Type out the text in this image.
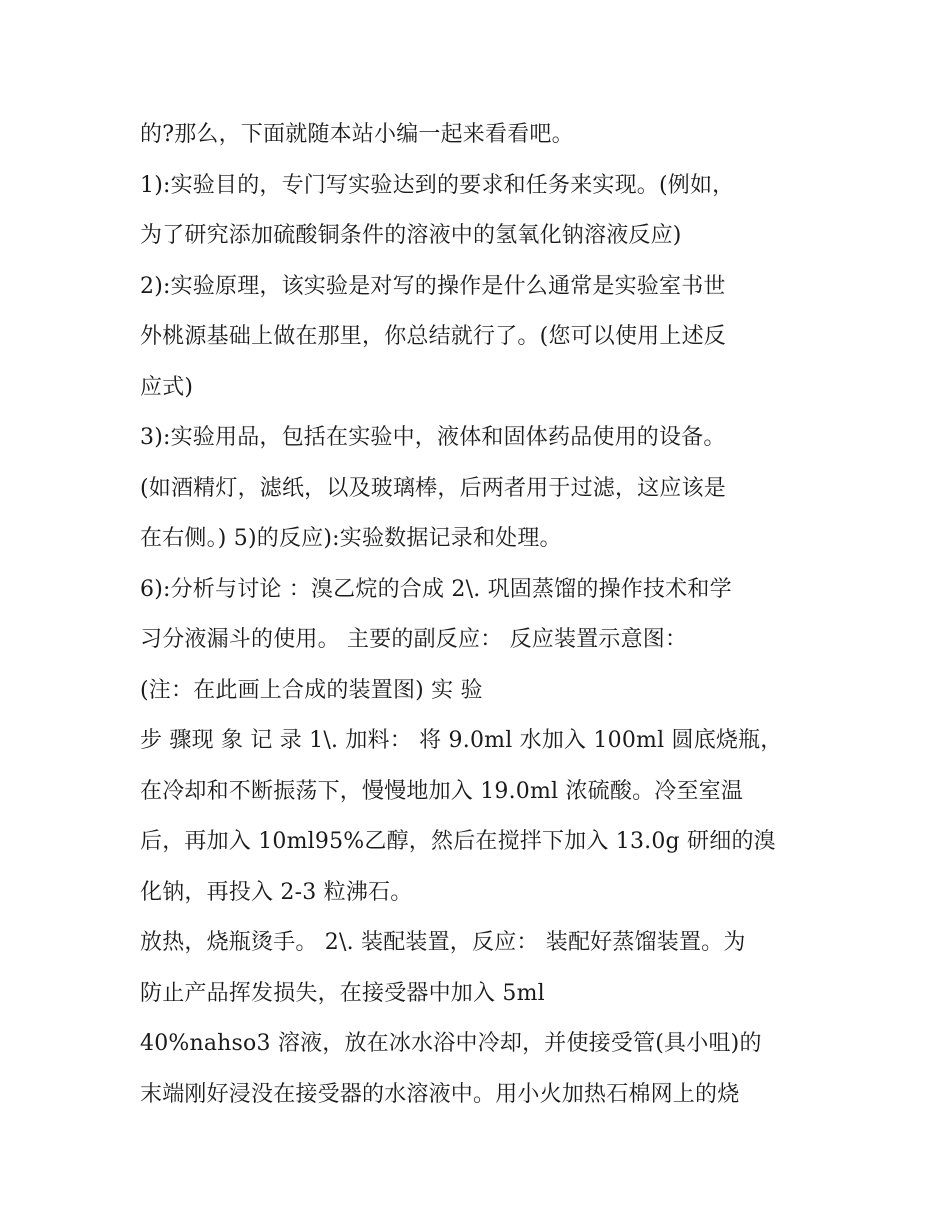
的?那么，下面就随本站小编一起来看看吧。
1):实验目的，专门写实验达到的要求和任务来实现。(例如，
为了研究添加硫酸铜条件的溶液中的氢氧化钠溶液反应)
2):实验原理，该实验是对写的操作是什么通常是实验室书世
外桃源基础上做在那里，你总结就行了。(您可以使用上述反
应式)
3):实验用品，包括在实验中，液体和固体药品使用的设备。
(如酒精灯，滤纸，以及玻璃棒，后两者用于过滤，这应该是
在右侧。) 5)的反应):实验数据记录和处理。
6):分析与讨论 ：溴乙烷的合成 2\. 巩固蒸馏的操作技术和学
习分液漏斗的使用。 主要的副反应： 反应装置示意图：
(注：在此画上合成的装置图) 实 验
步 骤现 象 记 录 1\. 加料： 将 9.0ml 水加入 100ml 圆底烧瓶，
在冷却和不断振荡下，慢慢地加入 19.0ml 浓硫酸。冷至室温
后，再加入 10ml95%乙醇，然后在搅拌下加入 13.0g 研细的溴
化钠，再投入 2-3 粒沸石。
放热，烧瓶烫手。 2\. 装配装置，反应： 装配好蒸馏装置。为
防止产品挥发损失，在接受器中加入 5ml
40%nahso3 溶液，放在冰水浴中冷却，并使接受管(具小咀)的
末端刚好浸没在接受器的水溶液中。用小火加热石棉网上的烧
